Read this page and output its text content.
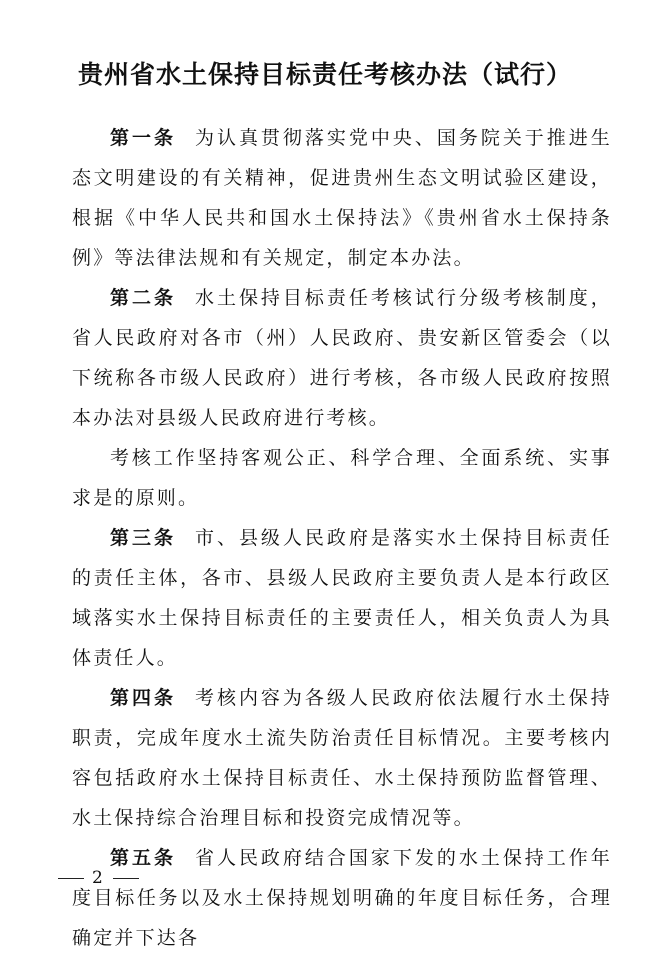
贵州省水土保持目标责任考核办法（试行）

第一条 为认真贯彻落实党中央、国务院关于推进生态文明建设的有关精神，促进贵州生态文明试验区建设，根据《中华人民共和国水土保持法》《贵州省水土保持条例》等法律法规和有关规定，制定本办法。

第二条 水土保持目标责任考核试行分级考核制度，省人民政府对各市（州）人民政府、贵安新区管委会（以下统称各市级人民政府）进行考核，各市级人民政府按照本办法对县级人民政府进行考核。

考核工作坚持客观公正、科学合理、全面系统、实事求是的原则。

第三条 市、县级人民政府是落实水土保持目标责任的责任主体，各市、县级人民政府主要负责人是本行政区域落实水土保持目标责任的主要责任人，相关负责人为具体责任人。

第四条 考核内容为各级人民政府依法履行水土保持职责，完成年度水土流失防治责任目标情况。主要考核内容包括政府水土保持目标责任、水土保持预防监督管理、水土保持综合治理目标和投资完成情况等。

第五条 省人民政府结合国家下发的水土保持工作年度目标任务以及水土保持规划明确的年度目标任务，合理确定并下达各

2
